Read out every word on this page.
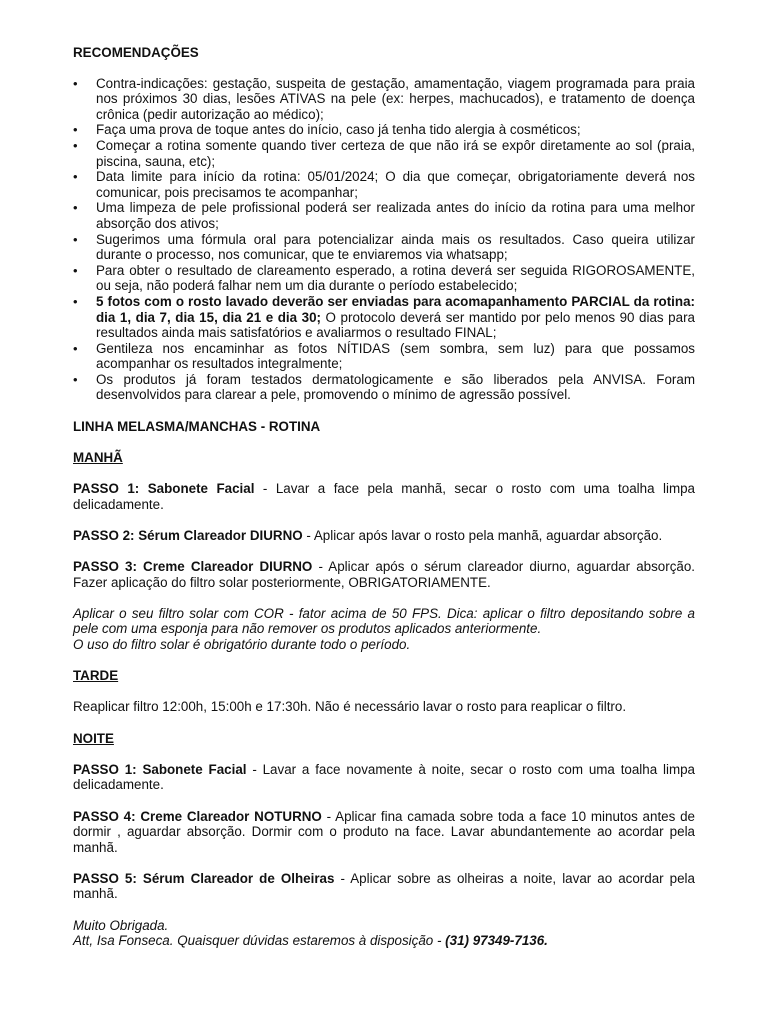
RECOMENDAÇÕES
• Contra-indicações: gestação, suspeita de gestação, amamentação, viagem programada para praia nos próximos 30 dias, lesões ATIVAS na pele (ex: herpes, machucados), e tratamento de doença crônica (pedir autorização ao médico);
• Faça uma prova de toque antes do início, caso já tenha tido alergia à cosméticos;
• Começar a rotina somente quando tiver certeza de que não irá se expôr diretamente ao sol (praia, piscina, sauna, etc);
• Data limite para início da rotina: 05/01/2024; O dia que começar, obrigatoriamente deverá nos comunicar, pois precisamos te acompanhar;
• Uma limpeza de pele profissional poderá ser realizada antes do início da rotina para uma melhor absorção dos ativos;
• Sugerimos uma fórmula oral para potencializar ainda mais os resultados. Caso queira utilizar durante o processo, nos comunicar, que te enviaremos via whatsapp;
• Para obter o resultado de clareamento esperado, a rotina deverá ser seguida RIGOROSAMENTE, ou seja, não poderá falhar nem um dia durante o período estabelecido;
• 5 fotos com o rosto lavado deverão ser enviadas para acomapanhamento PARCIAL da rotina: dia 1, dia 7, dia 15, dia 21 e dia 30; O protocolo deverá ser mantido por pelo menos 90 dias para resultados ainda mais satisfatórios e avaliarmos o resultado FINAL;
• Gentileza nos encaminhar as fotos NÍTIDAS (sem sombra, sem luz) para que possamos acompanhar os resultados integralmente;
• Os produtos já foram testados dermatologicamente e são liberados pela ANVISA. Foram desenvolvidos para clarear a pele, promovendo o mínimo de agressão possível.
LINHA MELASMA/MANCHAS - ROTINA
MANHÃ

PASSO 1: Sabonete Facial - Lavar a face pela manhã, secar o rosto com uma toalha limpa delicadamente.

PASSO 2: Sérum Clareador DIURNO - Aplicar após lavar o rosto pela manhã, aguardar absorção.

PASSO 3: Creme Clareador DIURNO - Aplicar após o sérum clareador diurno, aguardar absorção. Fazer aplicação do filtro solar posteriormente, OBRIGATORIAMENTE.

Aplicar o seu filtro solar com COR - fator acima de 50 FPS. Dica: aplicar o filtro depositando sobre a pele com uma esponja para não remover os produtos aplicados anteriormente.

O uso do filtro solar é obrigatório durante todo o período.

TARDE

Reaplicar filtro 12:00h, 15:00h e 17:30h. Não é necessário lavar o rosto para reaplicar o filtro.

NOITE

PASSO 1: Sabonete Facial - Lavar a face novamente à noite, secar o rosto com uma toalha limpa delicadamente.

PASSO 4: Creme Clareador NOTURNO - Aplicar fina camada sobre toda a face 10 minutos antes de dormir , aguardar absorção. Dormir com o produto na face. Lavar abundantemente ao acordar pela manhã.

PASSO 5: Sérum Clareador de Olheiras - Aplicar sobre as olheiras a noite, lavar ao acordar pela manhã.

Muito Obrigada.

Att, Isa Fonseca. Quaisquer dúvidas estaremos à disposição - (31) 97349-7136.
